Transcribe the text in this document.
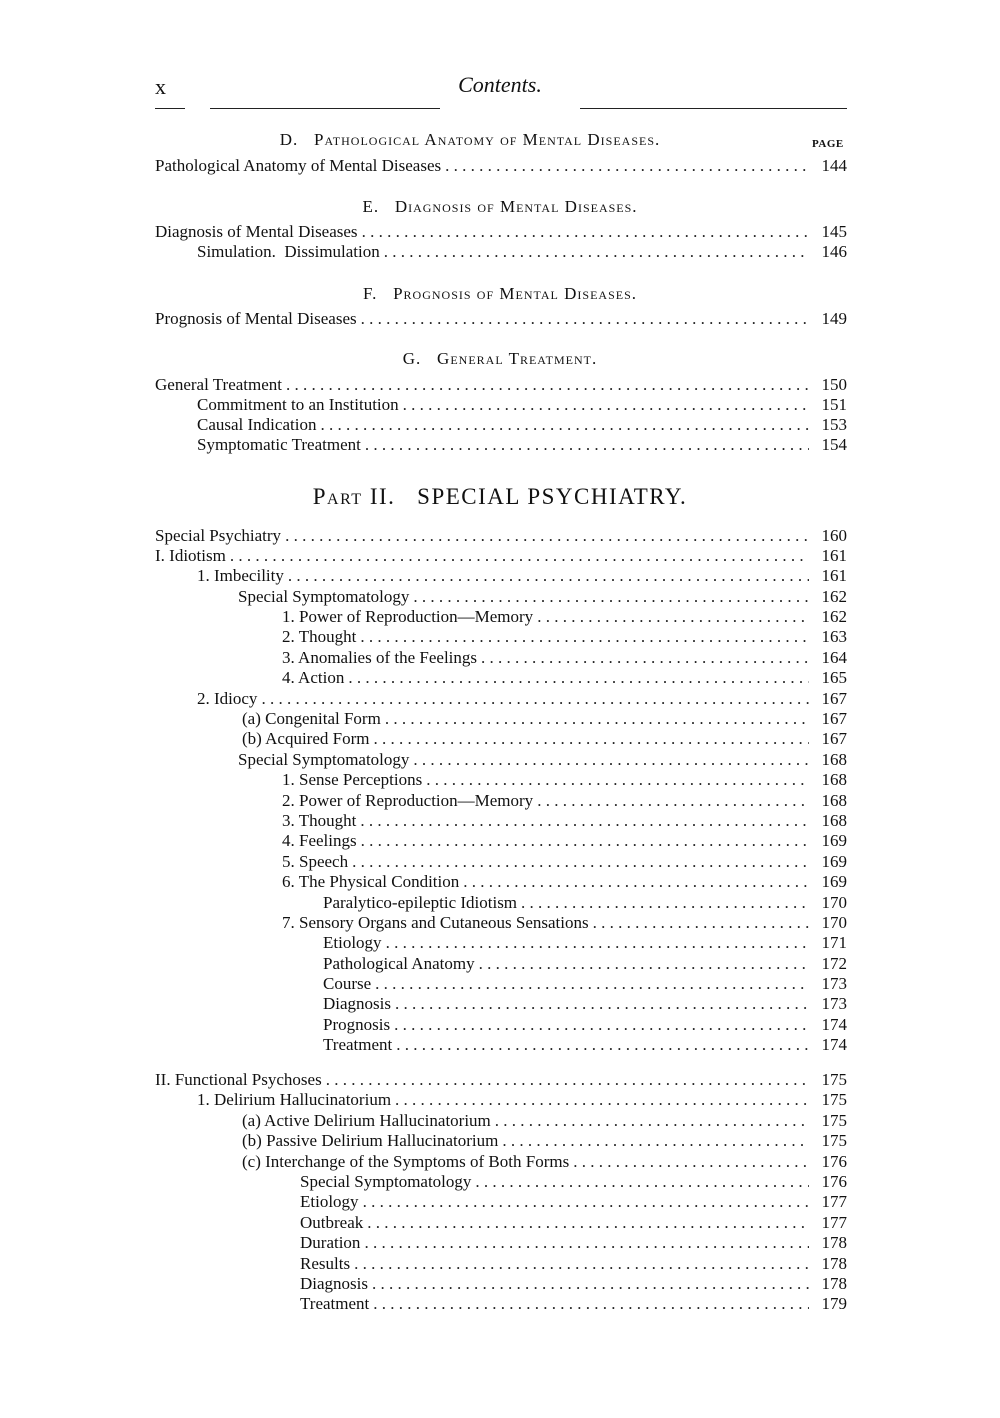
x	Contents.
PAGE
D. Pathological Anatomy of Mental Diseases.
E. Diagnosis of Mental Diseases.
F. Prognosis of Mental Diseases.
G. General Treatment.
Part II. SPECIAL PSYCHIATRY.
Pathological Anatomy of Mental Diseases . . .	144
Diagnosis of Mental Diseases . . .	145
Simulation.  Dissimulation . . .	146
Prognosis of Mental Diseases . . .	149
General Treatment . . .	150
Commitment to an Institution . . .	151
Causal Indication . . .	153
Symptomatic Treatment . . .	154
Special Psychiatry . . .	160
I. Idiotism . . .	161
1. Imbecility . . .	161
Special Symptomatology . . .	162
1. Power of Reproduction—Memory . . .	162
2. Thought . . .	163
3. Anomalies of the Feelings . . .	164
4. Action . . .	165
2. Idiocy . . .	167
(a) Congenital Form . . .	167
(b) Acquired Form . . .	167
Special Symptomatology . . .	168
1. Sense Perceptions . . .	168
2. Power of Reproduction—Memory . . .	168
3. Thought . . .	168
4. Feelings . . .	169
5. Speech . . .	169
6. The Physical Condition . . .	169
Paralytico-epileptic Idiotism . . .	170
7. Sensory Organs and Cutaneous Sensations . . .	170
Etiology . . .	171
Pathological Anatomy . . .	172
Course . . .	173
Diagnosis . . .	173
Prognosis . . .	174
Treatment . . .	174
II. Functional Psychoses . . .	175
1. Delirium Hallucinatorium . . .	175
(a) Active Delirium Hallucinatorium . . .	175
(b) Passive Delirium Hallucinatorium . . .	175
(c) Interchange of the Symptoms of Both Forms . . .	176
Special Symptomatology . . .	176
Etiology . . .	177
Outbreak . . .	177
Duration . . .	178
Results . . .	178
Diagnosis . . .	178
Treatment . . .	179
